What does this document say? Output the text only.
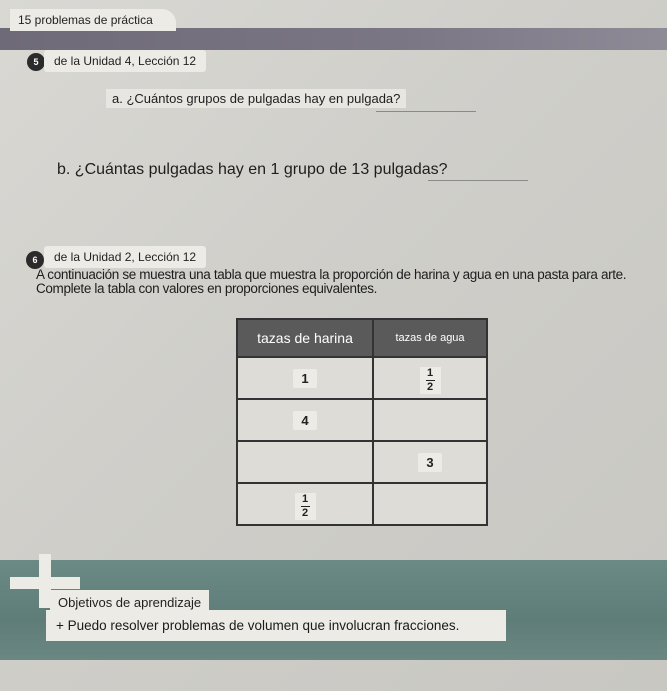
15 problemas de práctica
5	de la Unidad 4, Lección 12
a. ¿Cuántos grupos de pulgadas hay en pulgada?
b. ¿Cuántas pulgadas hay en 1 grupo de 13 pulgadas?
6	de la Unidad 2, Lección 12
A continuación se muestra una tabla que muestra la proporción de harina y agua en una pasta para arte. Complete la tabla con valores en proporciones equivalentes.
tazas de harina	tazas de agua
1	$\frac{1}{2}$

4	
	3

$\frac{1}{2}$

Objetivos de aprendizaje
+ Puedo resolver problemas de volumen que involucran fracciones.
